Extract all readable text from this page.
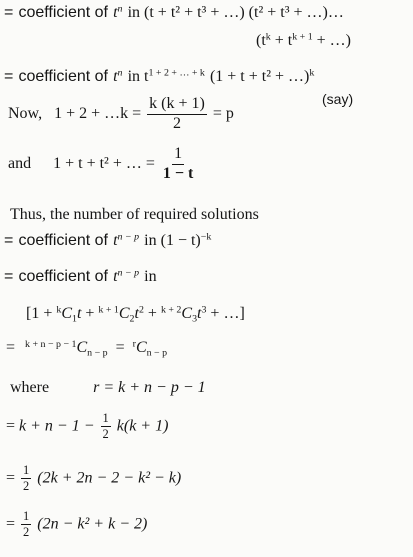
= coefficient of $t^n$ in (t + t² + t³ + …) (t² + t³ + …)…
($t^k + t^{k + 1}$ + …)
= coefficient of $t^n$ in $t^{1 + 2 + \dots + k}$ (1 + t + t² + …)$^k$
Now, 1 + 2 + …k = $\frac{k (k + 1)}{2} = p$
(say)
and 1 + t + t² + … = $\frac{1}{1 - t}$
Thus, the number of required solutions
= coefficient of $t^{n - p}$ in $(1 - t)^{-k}$
= coefficient of $t^{n - p}$ in
[$1 + ^kC_1t + ^{k + 1}C_2t^2 + ^{k + 2}C_3t^3$ + …]
= $^{k + n - p - 1}C_{n - p} = ^rC_{n - p}$
where	r = k + n − p − 1
= $k + n - 1 - \frac{1}{2} k(k + 1)$
= $\frac{1}{2} (2k + 2n - 2 - k^2 - k)$
= $\frac{1}{2} (2n - k^2 + k - 2)$
